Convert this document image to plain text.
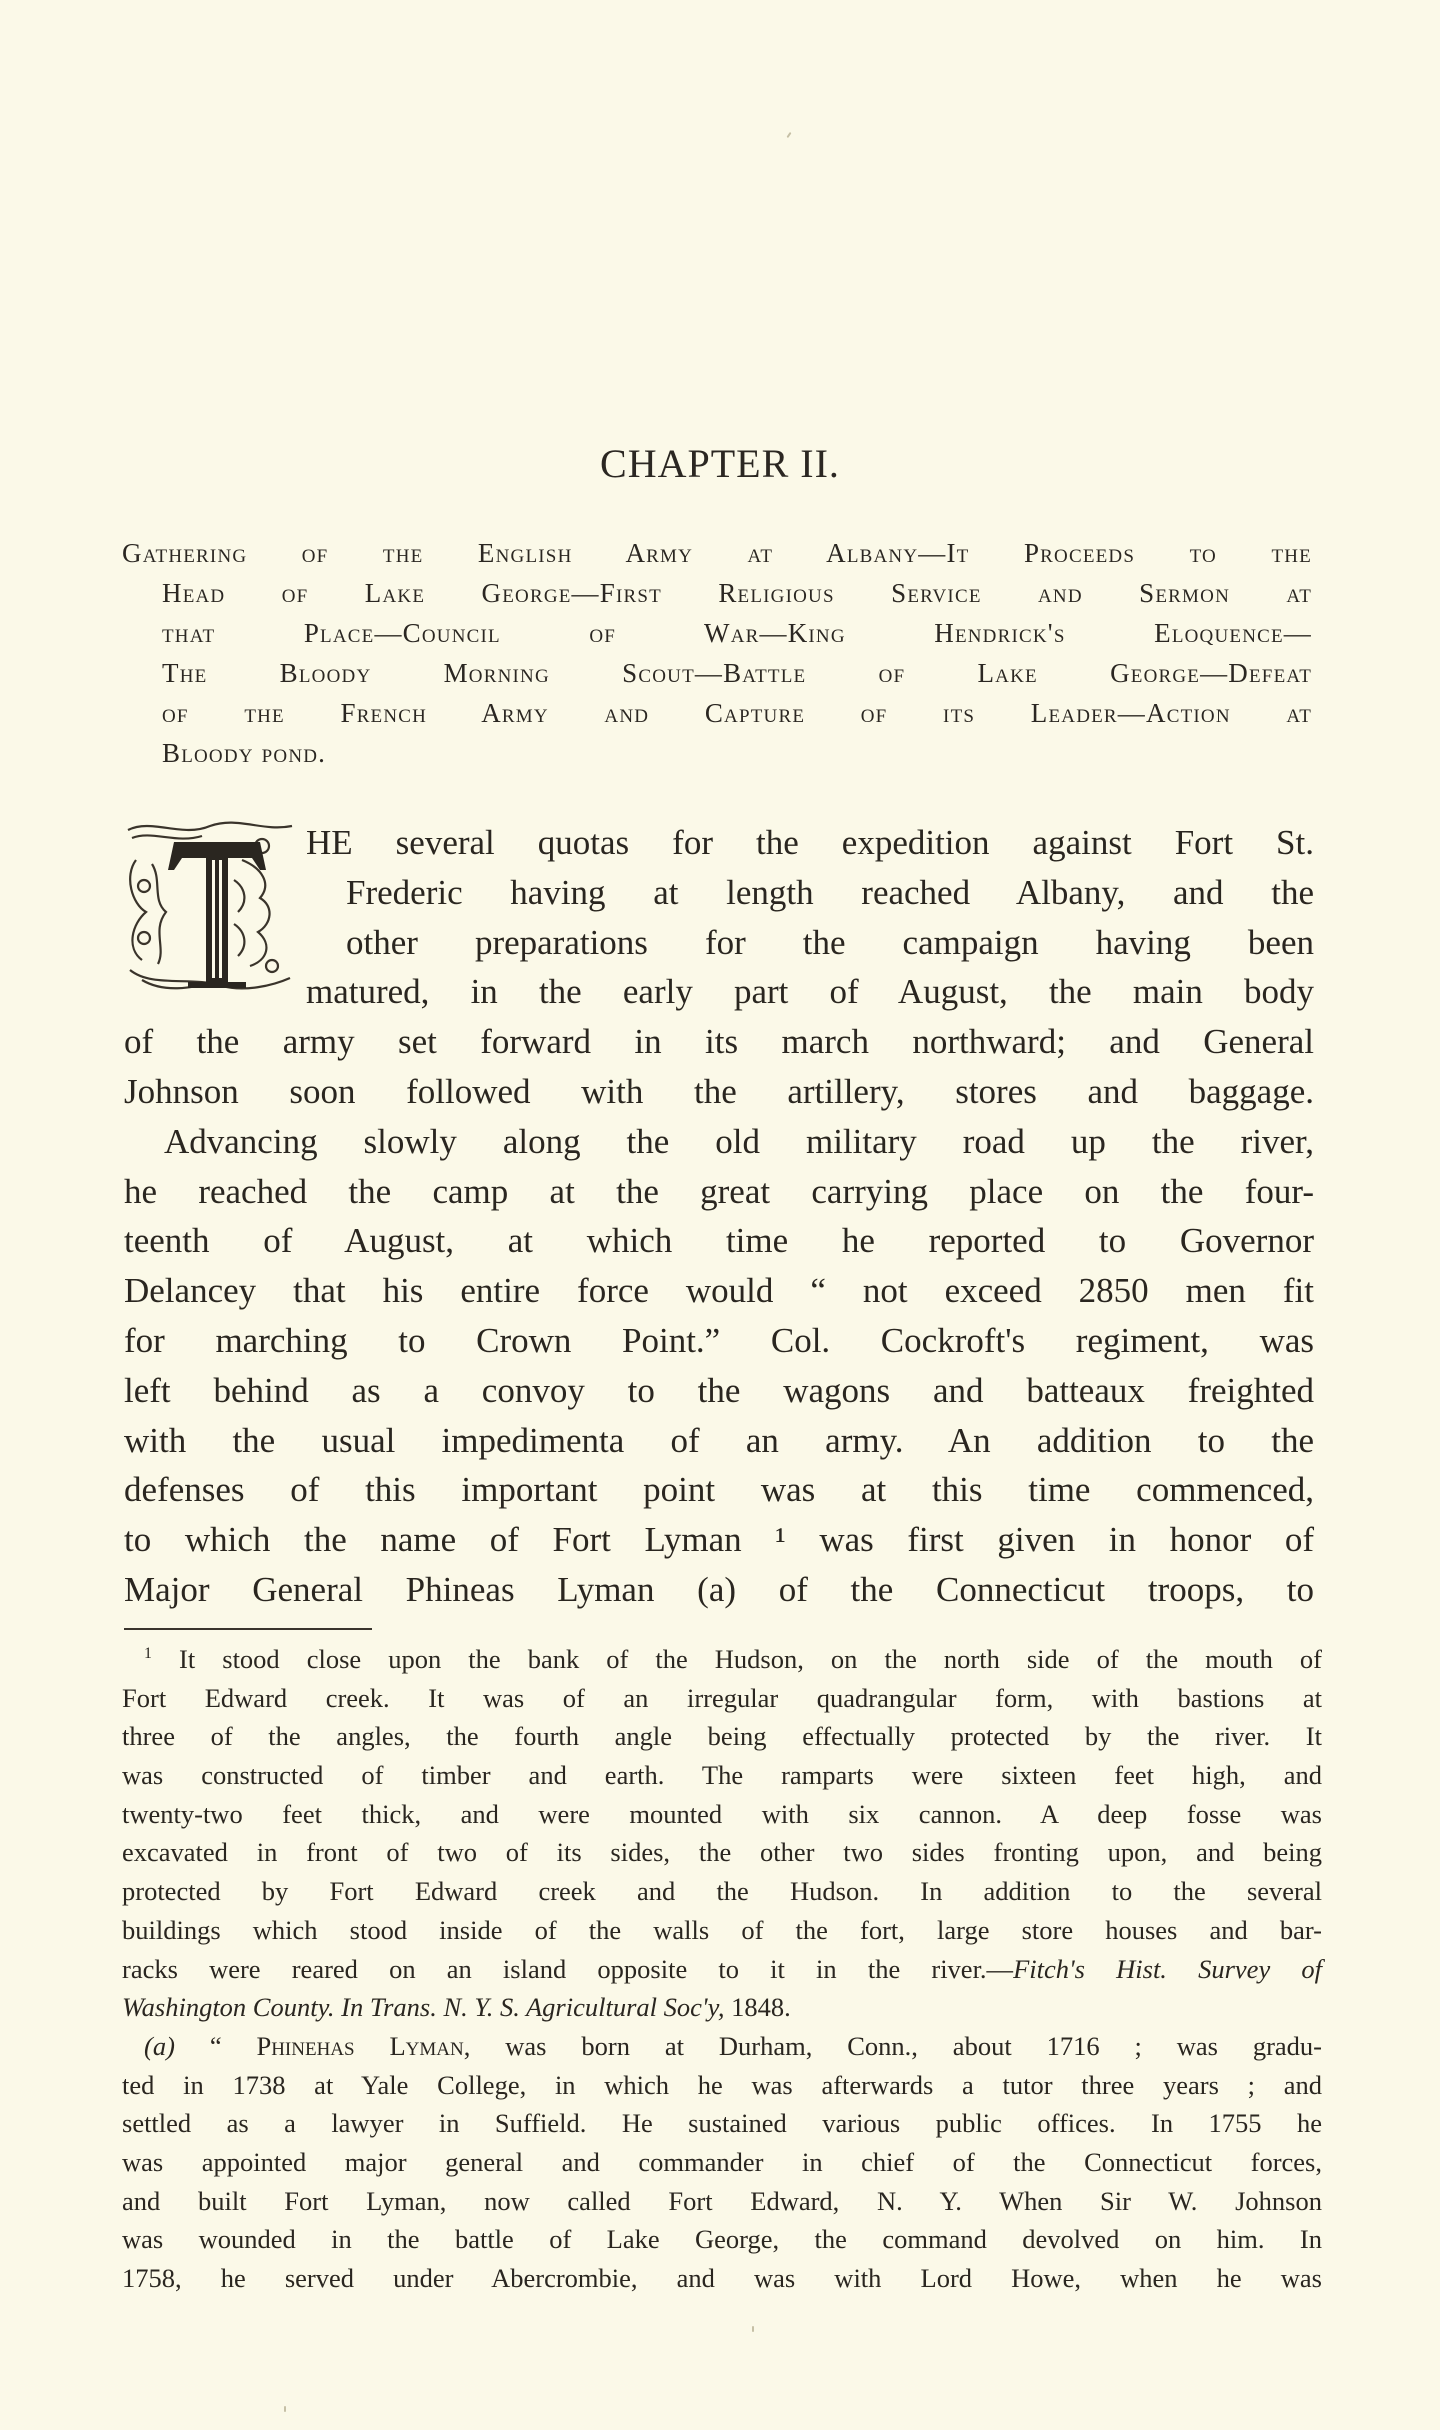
CHAPTER II.
Gathering of the English Army at Albany—It Proceeds to the
Head of Lake George—First Religious Service and Sermon at
that Place—Council of War—King Hendrick's Eloquence—
The Bloody Morning Scout—Battle of Lake George—Defeat
of the French Army and Capture of its Leader—Action at
Bloody pond.
HE several quotas for the expedition against Fort St.
Frederic having at length reached Albany, and the
other preparations for the campaign having been
matured, in the early part of August, the main body
of the army set forward in its march northward; and General
Johnson soon followed with the artillery, stores and baggage.
Advancing slowly along the old military road up the river,
he reached the camp at the great carrying place on the four-
teenth of August, at which time he reported to Governor
Delancey that his entire force would “ not exceed 2850 men fit
for marching to Crown Point.” Col. Cockroft's regiment, was
left behind as a convoy to the wagons and batteaux freighted
with the usual impedimenta of an army. An addition to the
defenses of this important point was at this time commenced,
to which the name of Fort Lyman ¹ was first given in honor of
Major General Phineas Lyman (a) of the Connecticut troops, to
$^1$ It stood close upon the bank of the Hudson, on the north side of the mouth of
Fort Edward creek. It was of an irregular quadrangular form, with bastions at
three of the angles, the fourth angle being effectually protected by the river. It
was constructed of timber and earth. The ramparts were sixteen feet high, and
twenty-two feet thick, and were mounted with six cannon. A deep fosse was
excavated in front of two of its sides, the other two sides fronting upon, and being
protected by Fort Edward creek and the Hudson. In addition to the several
buildings which stood inside of the walls of the fort, large store houses and bar-
racks were reared on an island opposite to it in the river.—Fitch's Hist. Survey of
Washington County. In Trans. N. Y. S. Agricultural Soc'y, 1848.
(a) “ Phinehas Lyman, was born at Durham, Conn., about 1716 ; was gradu-
ted in 1738 at Yale College, in which he was afterwards a tutor three years ; and
settled as a lawyer in Suffield. He sustained various public offices. In 1755 he
was appointed major general and commander in chief of the Connecticut forces,
and built Fort Lyman, now called Fort Edward, N. Y. When Sir W. Johnson
was wounded in the battle of Lake George, the command devolved on him. In
1758, he served under Abercrombie, and was with Lord Howe, when he was
